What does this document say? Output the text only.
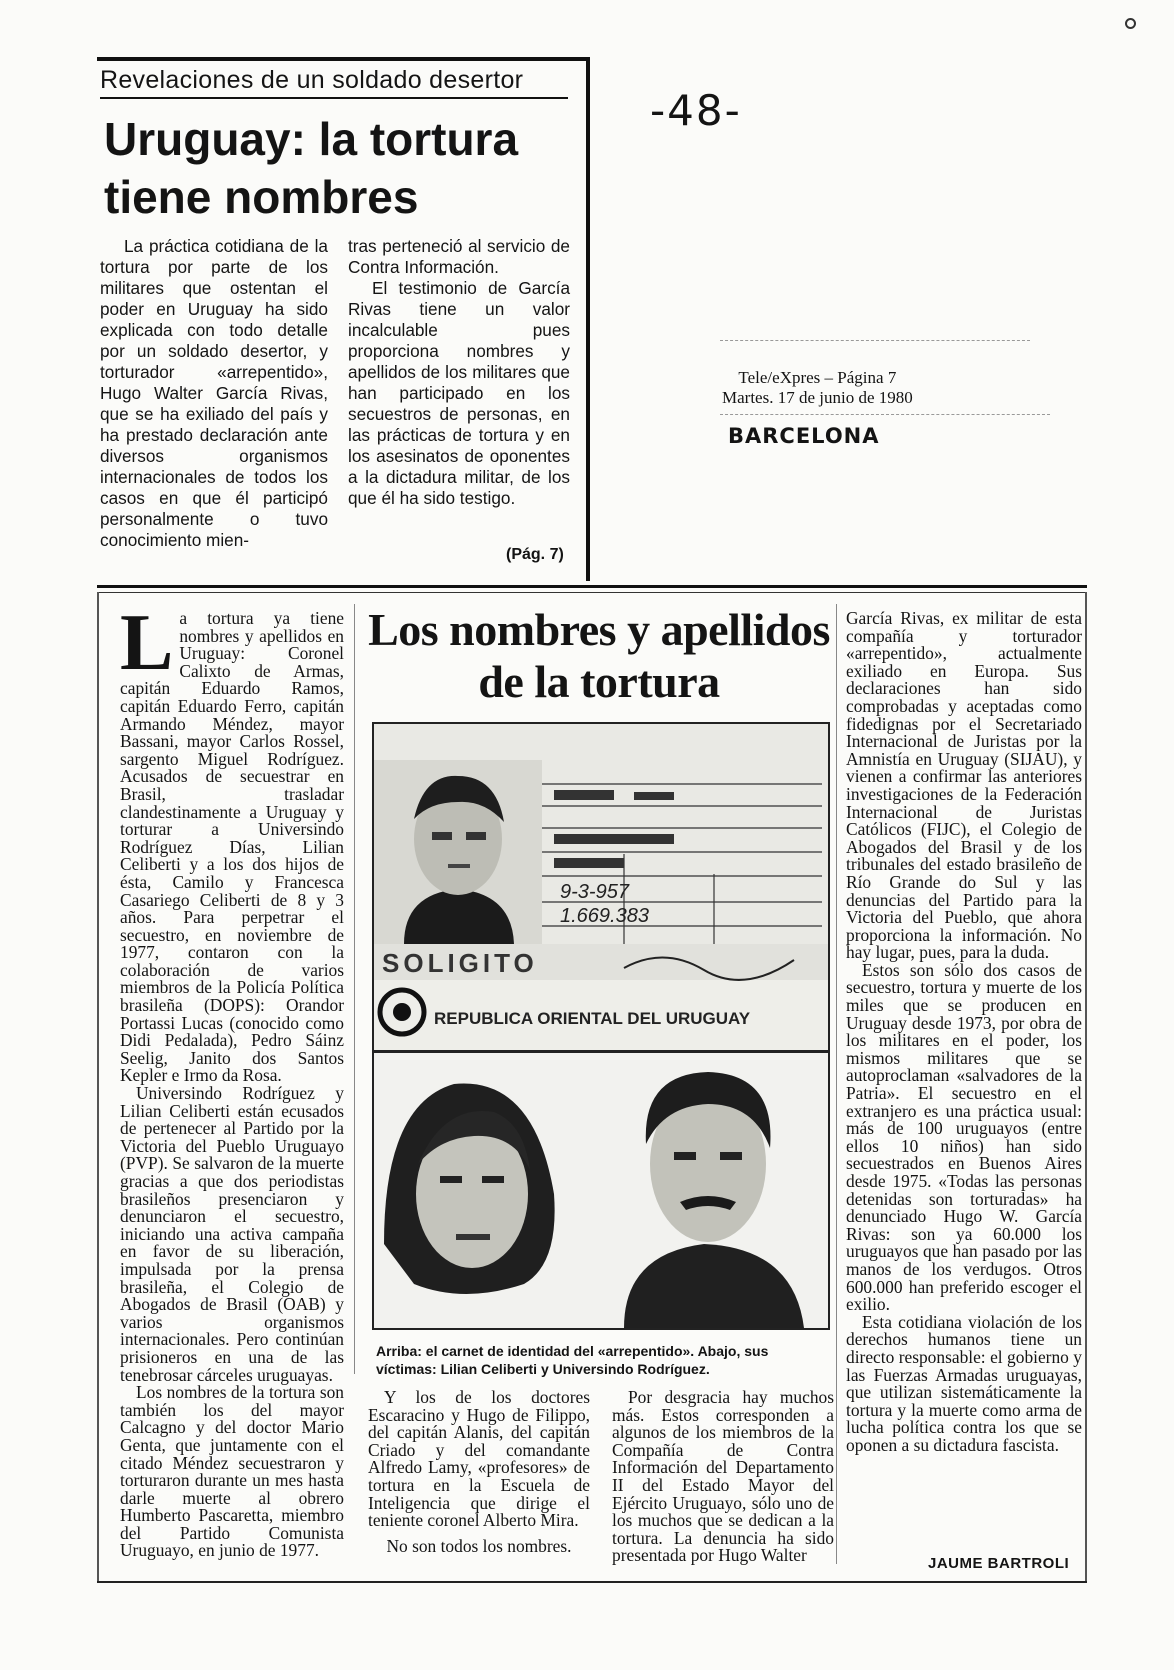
-48-
Tele/eXpres – Página 7
Martes. 17 de junio de 1980
BARCELONA
Revelaciones de un soldado desertor
Uruguay: la tortura
tiene nombres

La práctica cotidiana de la tortura por parte de los militares que ostentan el poder en Uruguay ha sido explicada con todo detalle por un soldado desertor, y torturador «arrepentido», Hugo Walter García Rivas, que se ha exiliado del país y ha prestado declaración ante diversos organismos internacionales de todos los casos en que él participó personalmente o tuvo conocimiento mien-

tras perteneció al servicio de Contra Información.

El testimonio de García Rivas tiene un valor incalculable pues proporciona nombres y apellidos de los militares que han participado en los secuestros de personas, en las prácticas de tortura y en los asesinatos de oponentes a la dictadura militar, de los que él ha sido testigo.

(Pág. 7)

La tortura ya tiene nombres y apellidos en Uruguay: Coronel Calixto de Armas, capitán Eduardo Ramos, capitán Eduardo Ferro, capitán Armando Méndez, mayor Bassani, mayor Carlos Rossel, sargento Miguel Rodríguez. Acusados de secuestrar en Brasil, trasladar clandestinamente a Uruguay y torturar a Universindo Rodríguez Días, Lilian Celiberti y a los dos hijos de ésta, Camilo y Francesca Casariego Celiberti de 8 y 3 años. Para perpetrar el secuestro, en noviembre de 1977, contaron con la colaboración de varios miembros de la Policía Política brasileña (DOPS): Orandor Portassi Lucas (conocido como Didi Pedalada), Pedro Sáinz Seelig, Janito dos Santos Kepler e Irmo da Rosa.

Universindo Rodríguez y Lilian Celiberti están ecusados de pertenecer al Partido por la Victoria del Pueblo Uruguayo (PVP). Se salvaron de la muerte gracias a que dos periodistas brasileños presenciaron y denunciaron el secuestro, iniciando una activa campaña en favor de su liberación, impulsada por la prensa brasileña, el Colegio de Abogados de Brasil (OAB) y varios organismos internacionales. Pero continúan prisioneros en una de las tenebrosar cárceles uruguayas.

Los nombres de la tortura son también los del mayor Calcagno y del doctor Mario Genta, que juntamente con el citado Méndez secuestraron y torturaron durante un mes hasta darle muerte al obrero Humberto Pascaretta, miembro del Partido Comunista Uruguayo, en junio de 1977.

Los nombres y apellidos de la tortura
9-3-957
1.669.383
SOLIGITO
REPUBLICA ORIENTAL DEL URUGUAY
Arriba: el carnet de identidad del «arrepentido». Abajo, sus víctimas: Lilian Celiberti y Universindo Rodríguez.

Y los de los doctores Escaracino y Hugo de Filippo, del capitán Alanis, del capitán Criado y del comandante Alfredo Lamy, «profesores» de tortura en la Escuela de Inteligencia que dirige el teniente coronel Alberto Mira.

No son todos los nombres.

Por desgracia hay muchos más. Estos corresponden a algunos de los miembros de la Compañía de Contra Información del Departamento II del Estado Mayor del Ejército Uruguayo, sólo uno de los muchos que se dedican a la tortura. La denuncia ha sido presentada por Hugo Walter

García Rivas, ex militar de esta compañía y torturador «arrepentido», actualmente exiliado en Europa. Sus declaraciones han sido comprobadas y aceptadas como fidedignas por el Secretariado Internacional de Juristas por la Amnistía en Uruguay (SIJAU), y vienen a confirmar las anteriores investigaciones de la Federación Internacional de Juristas Católicos (FIJC), el Colegio de Abogados del Brasil y de los tribunales del estado brasileño de Río Grande do Sul y las denuncias del Partido para la Victoria del Pueblo, que ahora proporciona la información. No hay lugar, pues, para la duda.

Estos son sólo dos casos de secuestro, tortura y muerte de los miles que se producen en Uruguay desde 1973, por obra de los militares en el poder, los mismos militares que se autoproclaman «salvadores de la Patria». El secuestro en el extranjero es una práctica usual: más de 100 uruguayos (entre ellos 10 niños) han sido secuestrados en Buenos Aires desde 1975. «Todas las personas detenidas son torturadas» ha denunciado Hugo W. García Rivas: son ya 60.000 los uruguayos que han pasado por las manos de los verdugos. Otros 600.000 han preferido escoger el exilio.

Esta cotidiana violación de los derechos humanos tiene un directo responsable: el gobierno y las Fuerzas Armadas uruguayas, que utilizan sistemáticamente la tortura y la muerte como arma de lucha política contra los que se oponen a su dictadura fascista.

JAUME BARTROLI
